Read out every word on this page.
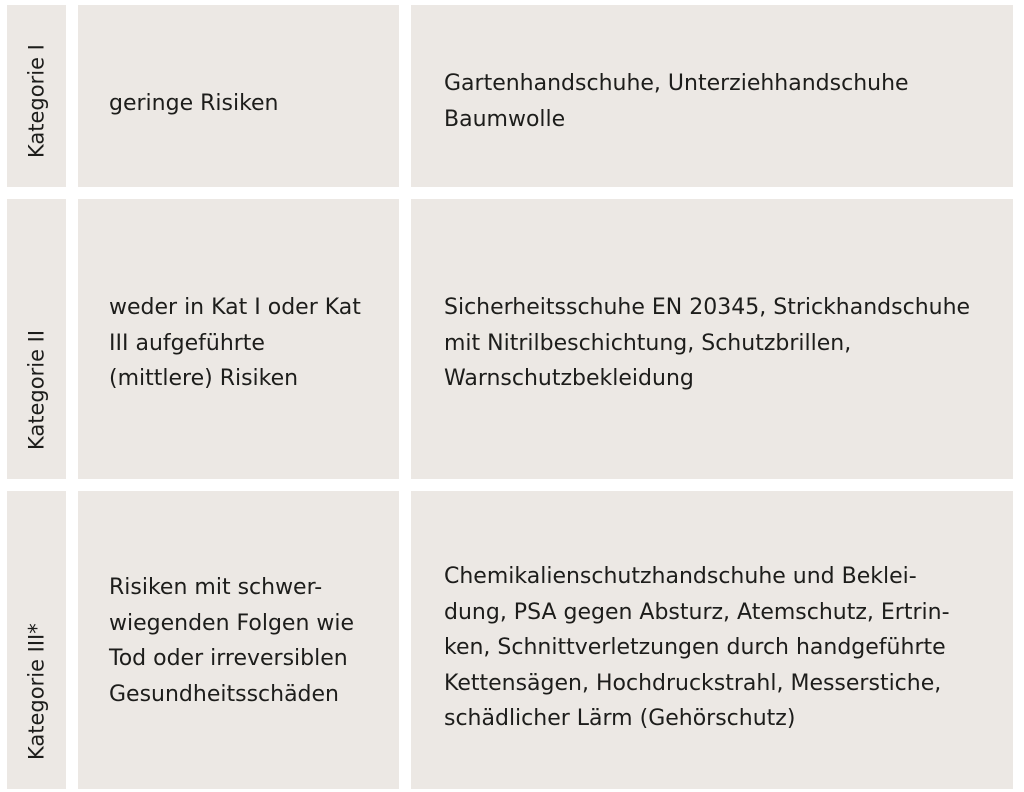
Kategorie I	geringe Risiken
Gartenhandschuhe, Unterziehhandschuhe
Baumwolle
Kategorie II
weder in Kat I oder Kat
III aufgeführte
(mittlere) Risiken
Sicherheitsschuhe EN 20345, Strickhandschuhe
mit Nitrilbeschichtung, Schutzbrillen,
Warnschutzbekleidung
Kategorie III*
Risiken mit schwer-
wiegenden Folgen wie
Tod oder irreversiblen
Gesundheitsschäden
Chemikalienschutzhandschuhe und Beklei-
dung, PSA gegen Absturz, Atemschutz, Ertrin-
ken, Schnittverletzungen durch handgeführte
Kettensägen, Hochdruckstrahl, Messerstiche,
schädlicher Lärm (Gehörschutz)
